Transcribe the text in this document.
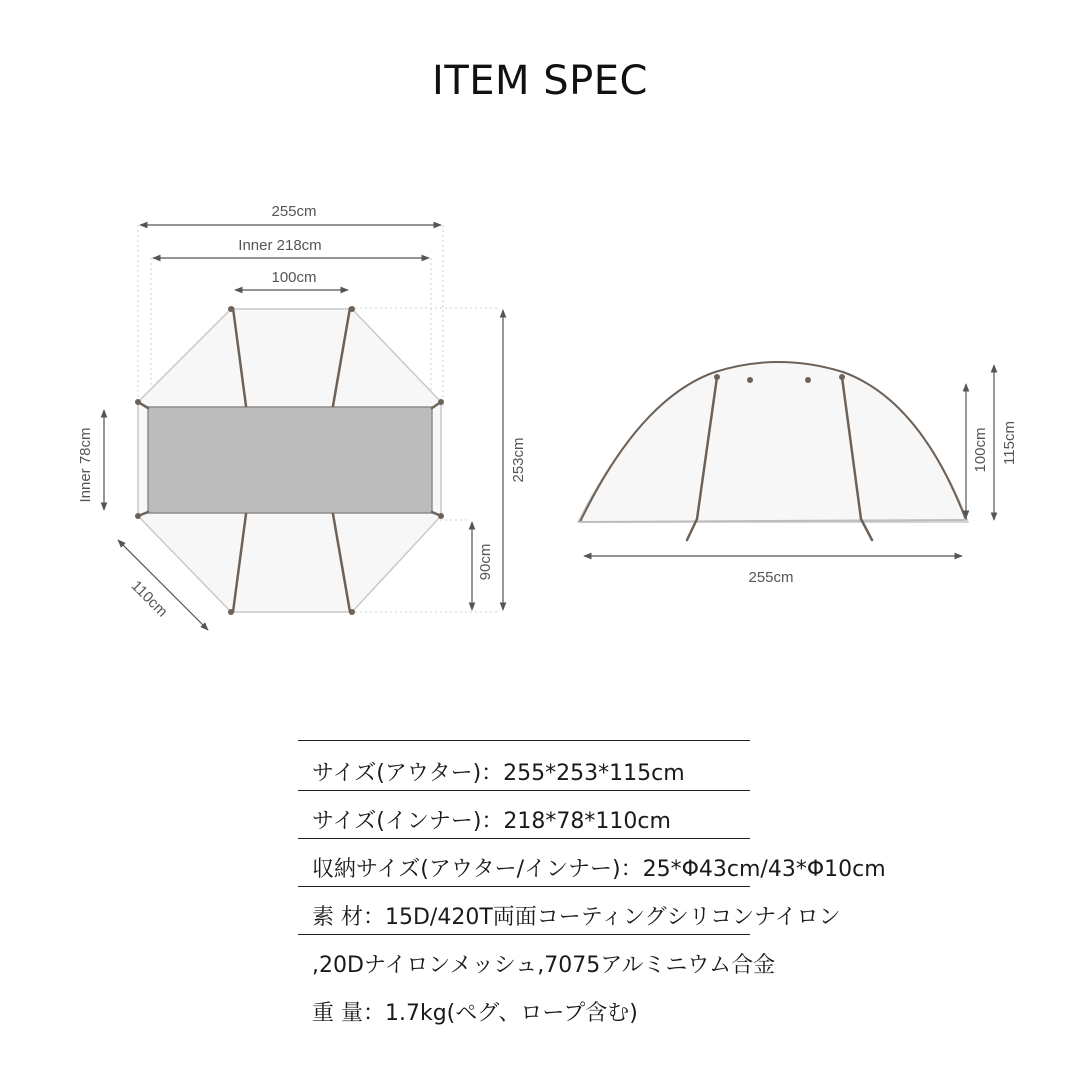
ITEM SPEC
255cm
Inner 218cm
100cm
253cm
90cm
Inner 78cm
110cm	255cm
100cm 115cm
サイズ(アウター)：255*253*115cm
サイズ(インナー)：218*78*110cm
収納サイズ(アウター/インナー)：25*Φ43cm/43*Φ10cm
素 材：15D/420T両面コーティングシリコンナイロン
,20Dナイロンメッシュ,7075アルミニウム合金
重 量：1.7kg(ペグ、ロープ含む)
